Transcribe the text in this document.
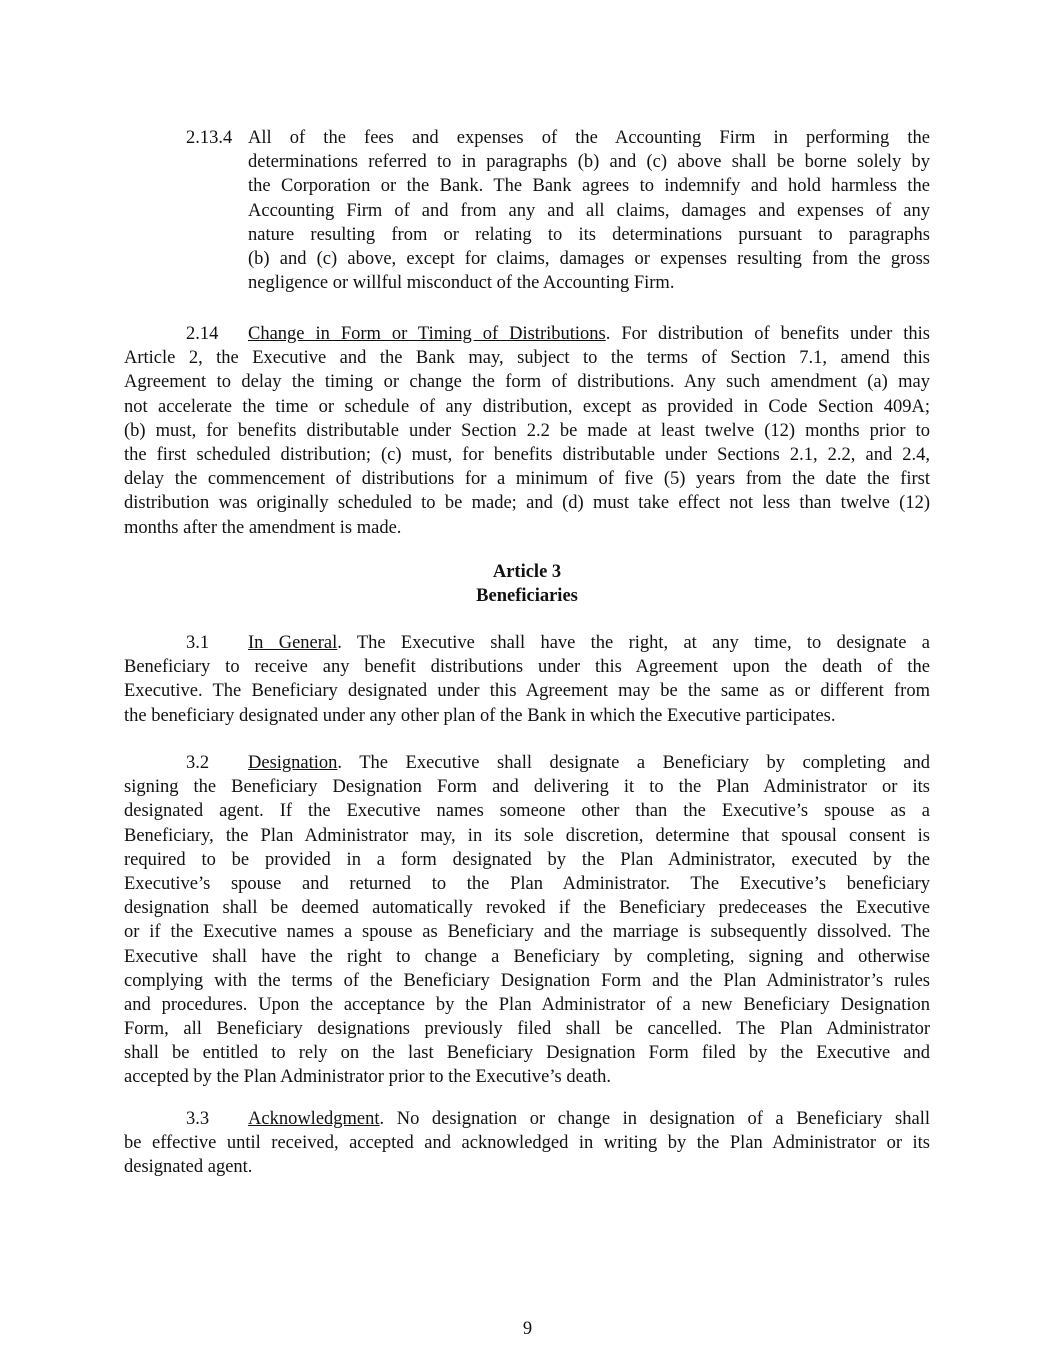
2.13.4 All of the fees and expenses of the Accounting Firm in performing the
determinations referred to in paragraphs (b) and (c) above shall be borne solely by
the Corporation or the Bank. The Bank agrees to indemnify and hold harmless the
Accounting Firm of and from any and all claims, damages and expenses of any
nature resulting from or relating to its determinations pursuant to paragraphs
(b) and (c) above, except for claims, damages or expenses resulting from the gross
negligence or willful misconduct of the Accounting Firm.
2.14 Change in Form or Timing of Distributions. For distribution of benefits under this
Article 2, the Executive and the Bank may, subject to the terms of Section 7.1, amend this
Agreement to delay the timing or change the form of distributions. Any such amendment (a) may
not accelerate the time or schedule of any distribution, except as provided in Code Section 409A;
(b) must, for benefits distributable under Section 2.2 be made at least twelve (12) months prior to
the first scheduled distribution; (c) must, for benefits distributable under Sections 2.1, 2.2, and 2.4,
delay the commencement of distributions for a minimum of five (5) years from the date the first
distribution was originally scheduled to be made; and (d) must take effect not less than twelve (12)
months after the amendment is made.
Article 3
Beneficiaries
3.1 In General. The Executive shall have the right, at any time, to designate a
Beneficiary to receive any benefit distributions under this Agreement upon the death of the
Executive. The Beneficiary designated under this Agreement may be the same as or different from
the beneficiary designated under any other plan of the Bank in which the Executive participates.
3.2 Designation. The Executive shall designate a Beneficiary by completing and
signing the Beneficiary Designation Form and delivering it to the Plan Administrator or its
designated agent. If the Executive names someone other than the Executive’s spouse as a
Beneficiary, the Plan Administrator may, in its sole discretion, determine that spousal consent is
required to be provided in a form designated by the Plan Administrator, executed by the
Executive’s spouse and returned to the Plan Administrator. The Executive’s beneficiary
designation shall be deemed automatically revoked if the Beneficiary predeceases the Executive
or if the Executive names a spouse as Beneficiary and the marriage is subsequently dissolved. The
Executive shall have the right to change a Beneficiary by completing, signing and otherwise
complying with the terms of the Beneficiary Designation Form and the Plan Administrator’s rules
and procedures. Upon the acceptance by the Plan Administrator of a new Beneficiary Designation
Form, all Beneficiary designations previously filed shall be cancelled. The Plan Administrator
shall be entitled to rely on the last Beneficiary Designation Form filed by the Executive and
accepted by the Plan Administrator prior to the Executive’s death.
3.3 Acknowledgment. No designation or change in designation of a Beneficiary shall
be effective until received, accepted and acknowledged in writing by the Plan Administrator or its
designated agent.
9
